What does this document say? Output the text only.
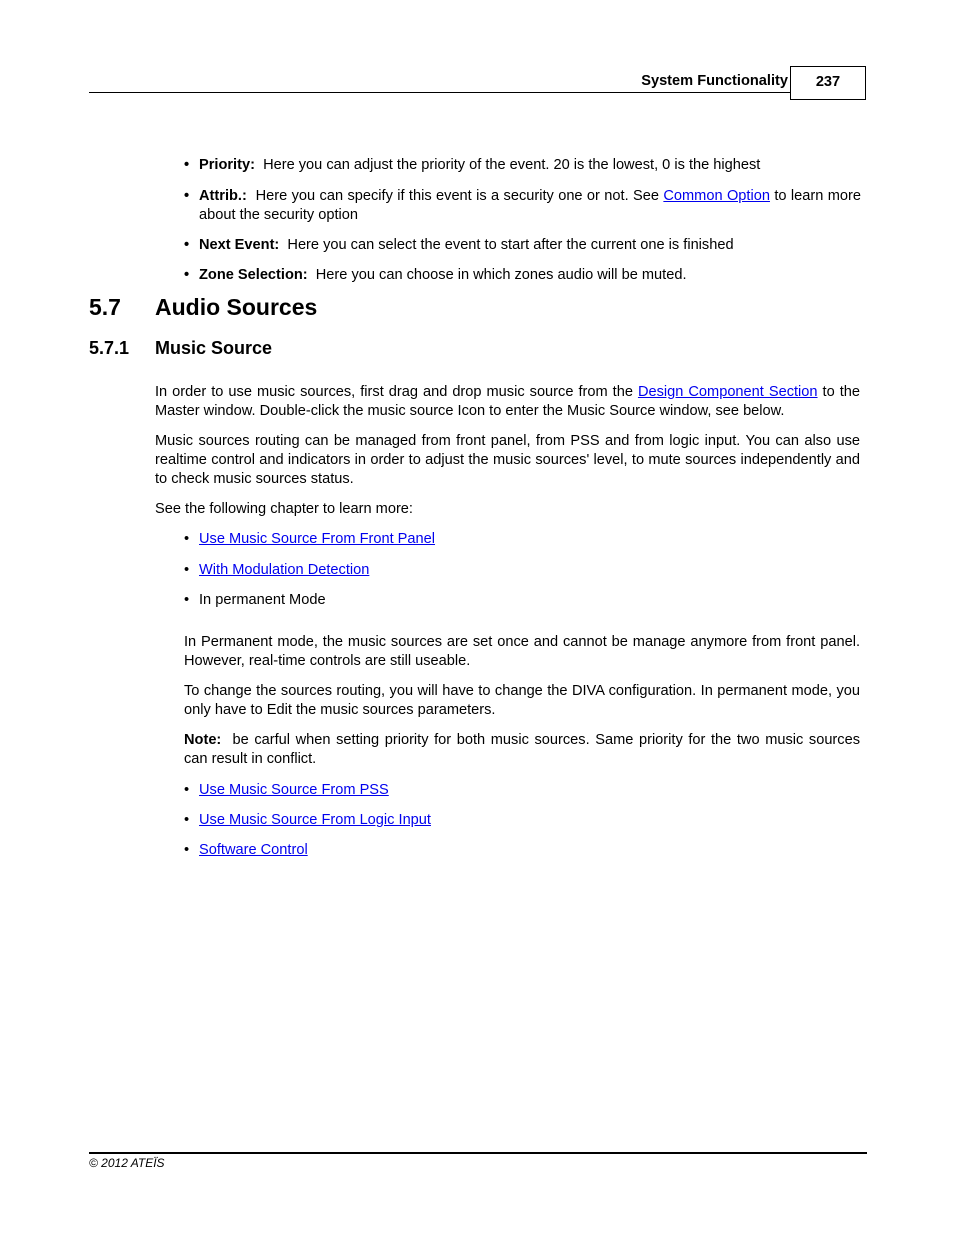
System Functionality	237
• Priority: Here you can adjust the priority of the event. 20 is the lowest, 0 is the highest
• Attrib.: Here you can specify if this event is a security one or not. See Common Option to learn more about the security option
• Next Event: Here you can select the event to start after the current one is finished
• Zone Selection: Here you can choose in which zones audio will be muted.
5.7 Audio Sources
5.7.1 Music Source
In order to use music sources, first drag and drop music source from the Design Component Section to the Master window. Double-click the music source Icon to enter the Music Source window, see below.
Music sources routing can be managed from front panel, from PSS and from logic input. You can also use realtime control and indicators in order to adjust the music sources' level, to mute sources independently and to check music sources status.
See the following chapter to learn more:
• Use Music Source From Front Panel
• With Modulation Detection
• In permanent Mode
In Permanent mode, the music sources are set once and cannot be manage anymore from front panel. However, real-time controls are still useable.
To change the sources routing, you will have to change the DIVA configuration. In permanent mode, you only have to Edit the music sources parameters.
Note: be carful when setting priority for both music sources. Same priority for the two music sources can result in conflict.
• Use Music Source From PSS
• Use Music Source From Logic Input
• Software Control
© 2012 ATEÏS
